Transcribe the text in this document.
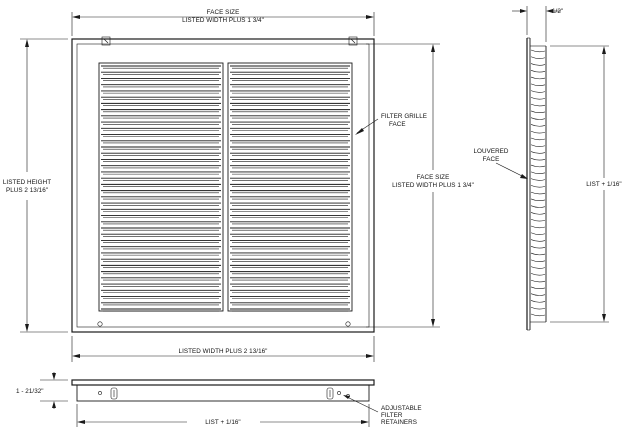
FACE SIZE
LISTED WIDTH PLUS 1 3/4"
LISTED HEIGHT
PLUS 2 13/16"
FACE SIZE
LISTED WIDTH PLUS 1 3/4"
FILTER GRILLE
FACE
LISTED WIDTH PLUS 2 13/16"
1/2"
LOUVERED
FACE
LIST + 1/16"
1 - 21/32"
LIST + 1/16"
ADJUSTABLE
FILTER
RETAINERS
